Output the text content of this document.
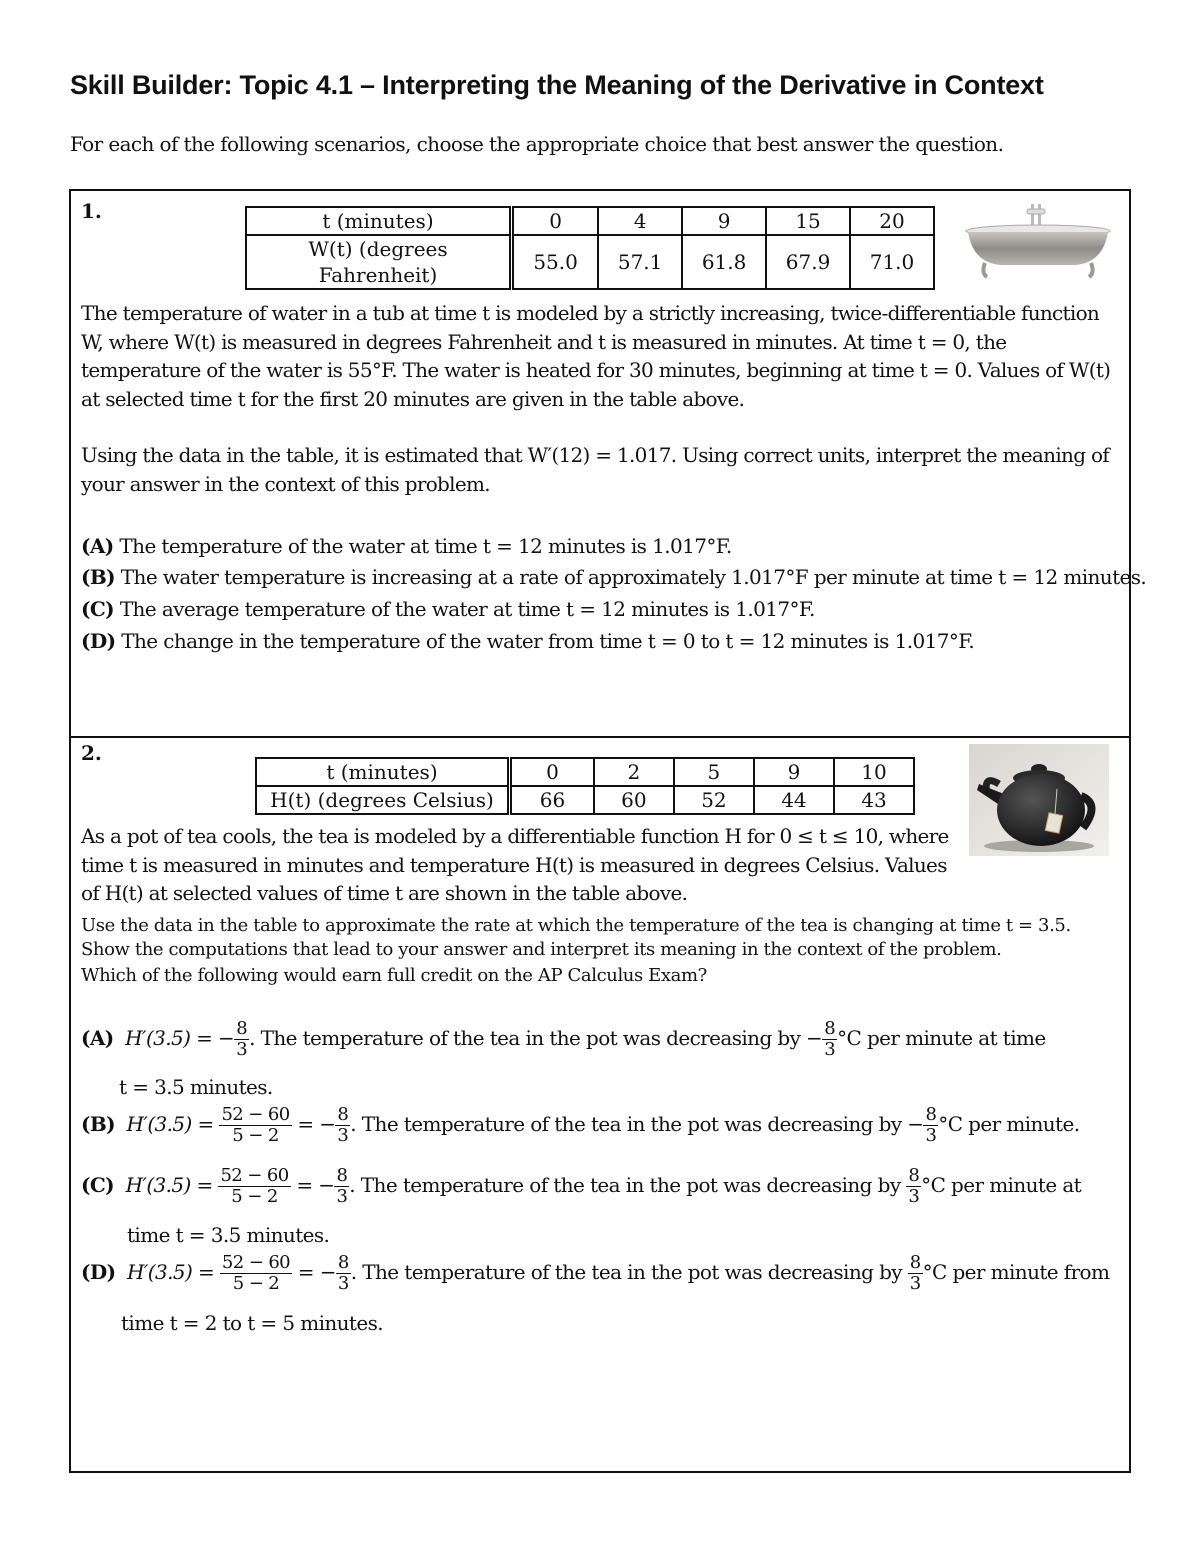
Skill Builder: Topic 4.1 – Interpreting the Meaning of the Derivative in Context
For each of the following scenarios, choose the appropriate choice that best answer the question.
1.	t (minutes)	0	4	9	15	20
W(t) (degrees Fahrenheit)	55.0	57.1	61.8	67.9	71.0
The temperature of water in a tub at time t is modeled by a strictly increasing, twice-differentiable function W, where W(t) is measured in degrees Fahrenheit and t is measured in minutes. At time t = 0, the temperature of the water is 55°F. The water is heated for 30 minutes, beginning at time t = 0. Values of W(t) at selected time t for the first 20 minutes are given in the table above.
Using the data in the table, it is estimated that W′(12) = 1.017. Using correct units, interpret the meaning of your answer in the context of this problem.
(A) The temperature of the water at time t = 12 minutes is 1.017°F.
(B) The water temperature is increasing at a rate of approximately 1.017°F per minute at time t = 12 minutes.
(C) The average temperature of the water at time t = 12 minutes is 1.017°F.
(D) The change in the temperature of the water from time t = 0 to t = 12 minutes is 1.017°F.
2.
t (minutes)	0	2	5	9	10
H(t) (degrees Celsius)	66	60	52	44	43
As a pot of tea cools, the tea is modeled by a differentiable function H for 0 ≤ t ≤ 10, where time t is measured in minutes and temperature H(t) is measured in degrees Celsius. Values of H(t) at selected values of time t are shown in the table above.
Use the data in the table to approximate the rate at which the temperature of the tea is changing at time t = 3.5. Show the computations that lead to your answer and interpret its meaning in the context of the problem.
Which of the following would earn full credit on the AP Calculus Exam?
(A) H′(3.5) = − $\frac{8}{3}$ . The temperature of the tea in the pot was decreasing by − $\frac{8}{3} ^\circ C$ per minute at time
t = 3.5 minutes.
(B) $H'(3.5) = \frac{52 - 60}{5 - 2}$ = − $\frac{8}{3}$ . The temperature of the tea in the pot was decreasing by − $\frac{8}{3} ^\circ C$ per minute.
(C) $H'(3.5) = \frac{52 - 60}{5 - 2}$ = − $\frac{8}{3}$ . The temperature of the tea in the pot was decreasing by $\frac{8}{3} ^\circ C$ per minute at
time t = 3.5 minutes.
(D) $H'(3.5) = \frac{52 - 60}{5 - 2}$ = − $\frac{8}{3}$ . The temperature of the tea in the pot was decreasing by $\frac{8}{3} ^\circ C$ per minute from
time t = 2 to t = 5 minutes.
